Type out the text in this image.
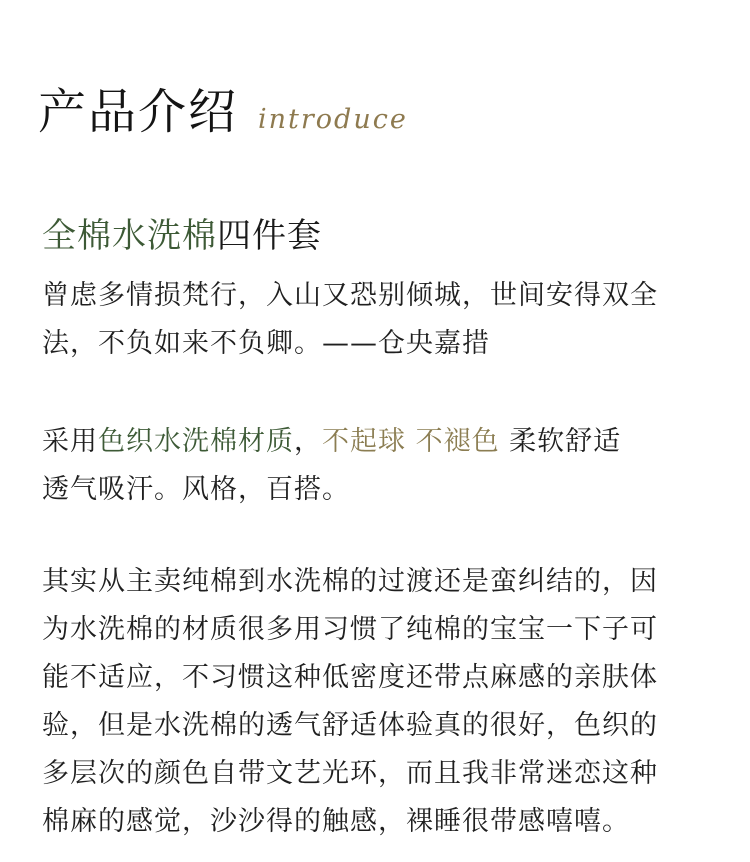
产品介绍 introduce
全棉水洗棉四件套
曾虑多情损梵行，入山又恐别倾城，世间安得双全
法，不负如来不负卿。——仓央嘉措
采用色织水洗棉材质，不起球 不褪色 柔软舒适
透气吸汗。风格，百搭。
其实从主卖纯棉到水洗棉的过渡还是蛮纠结的，因
为水洗棉的材质很多用习惯了纯棉的宝宝一下子可
能不适应，不习惯这种低密度还带点麻感的亲肤体
验，但是水洗棉的透气舒适体验真的很好，色织的
多层次的颜色自带文艺光环，而且我非常迷恋这种
棉麻的感觉，沙沙得的触感，裸睡很带感嘻嘻。
